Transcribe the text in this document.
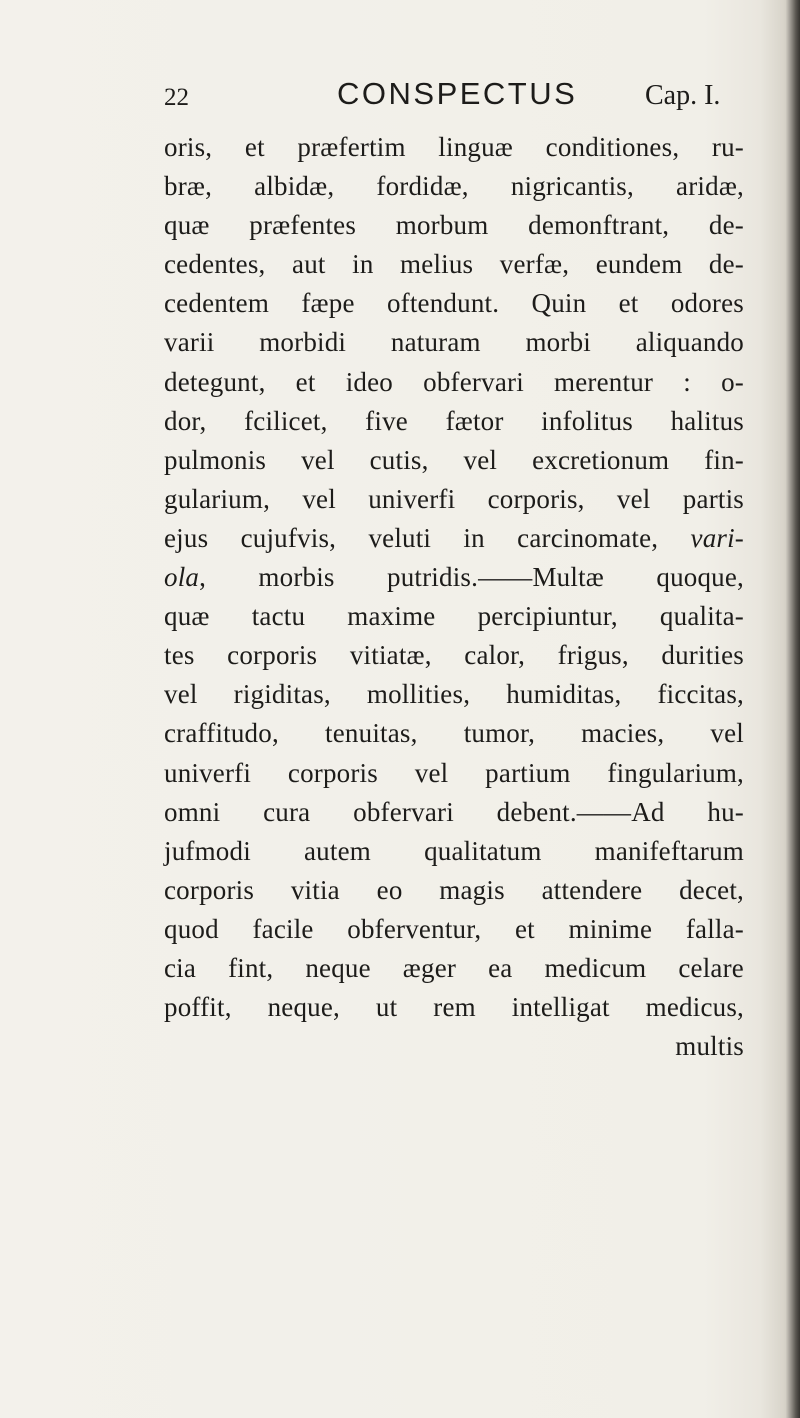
22	CONSPECTUS Cap. I.
oris, et præfertim linguæ conditiones, ru-
bræ, albidæ, fordidæ, nigricantis, aridæ,
quæ præfentes morbum demonftrant, de-
cedentes, aut in melius verfæ, eundem de-
cedentem fæpe oftendunt. Quin et odores
varii morbidi naturam morbi aliquando
detegunt, et ideo obfervari merentur : o-
dor, fcilicet, five fætor infolitus halitus
pulmonis vel cutis, vel excretionum fin-
gularium, vel univerfi corporis, vel partis
ejus cujufvis, veluti in carcinomate, vari-
ola, morbis putridis.——Multæ quoque,
quæ tactu maxime percipiuntur, qualita-
tes corporis vitiatæ, calor, frigus, durities
vel rigiditas, mollities, humiditas, ficcitas,
craffitudo, tenuitas, tumor, macies, vel
univerfi corporis vel partium fingularium,
omni cura obfervari debent.——Ad hu-
jufmodi autem qualitatum manifeftarum
corporis vitia eo magis attendere decet,
quod facile obferventur, et minime falla-
cia fint, neque æger ea medicum celare
poffit, neque, ut rem intelligat medicus,
multis
